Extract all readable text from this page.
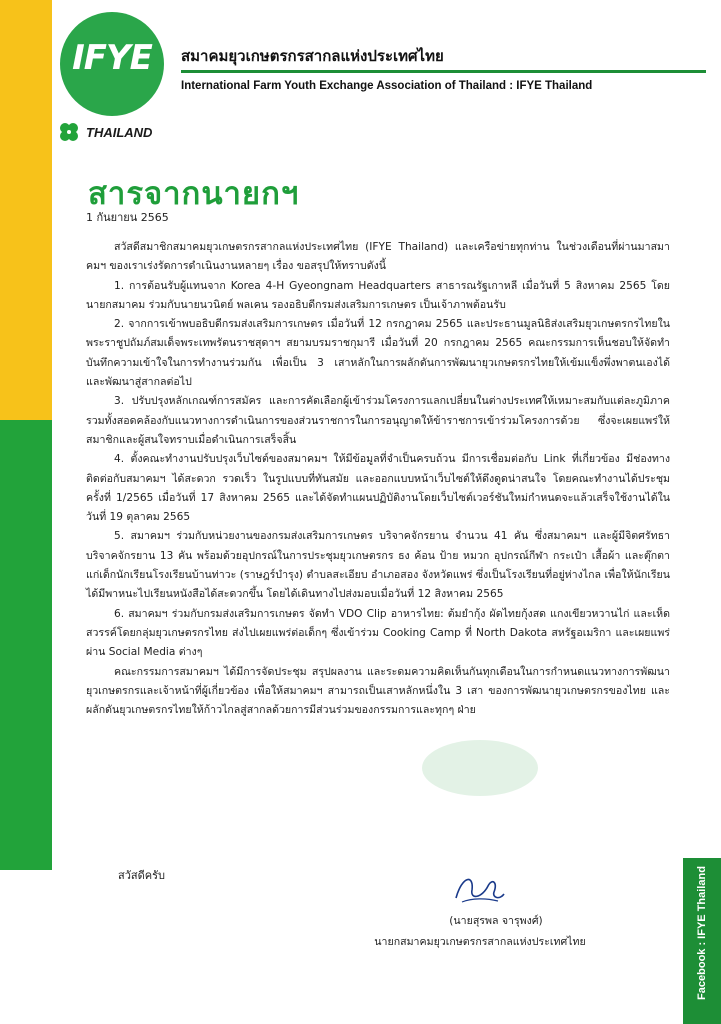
IFYE
THAILAND
สมาคมยุวเกษตรกรสากลแห่งประเทศไทย
International Farm Youth Exchange Association of Thailand : IFYE Thailand
สารจากนายกฯ
1 กันยายน 2565

สวัสดีสมาชิกสมาคมยุวเกษตรกรสากลแห่งประเทศไทย (IFYE Thailand) และเครือข่ายทุกท่าน ในช่วงเดือนที่ผ่านมาสมาคมฯ ของเราเร่งรัดการดำเนินงานหลายๆ เรื่อง ขอสรุปให้ทราบดังนี้

1. การต้อนรับผู้แทนจาก Korea 4-H Gyeongnam Headquarters สาธารณรัฐเกาหลี เมื่อวันที่ 5 สิงหาคม 2565 โดยนายกสมาคม ร่วมกับนายนวนิตย์ พลเคน รองอธิบดีกรมส่งเสริมการเกษตร เป็นเจ้าภาพต้อนรับ

2. จากการเข้าพบอธิบดีกรมส่งเสริมการเกษตร เมื่อวันที่ 12 กรกฎาคม 2565 และประธานมูลนิธิส่งเสริมยุวเกษตรกรไทยในพระราชูปถัมภ์สมเด็จพระเทพรัตนราชสุดาฯ สยามบรมราชกุมารี เมื่อวันที่ 20 กรกฎาคม 2565 คณะกรรมการเห็นชอบให้จัดทำบันทึกความเข้าใจในการทำงานร่วมกัน เพื่อเป็น 3 เสาหลักในการผลักดันการพัฒนายุวเกษตรกรไทยให้เข้มแข็งพึ่งพาตนเองได้ และพัฒนาสู่สากลต่อไป

3. ปรับปรุงหลักเกณฑ์การสมัคร และการคัดเลือกผู้เข้าร่วมโครงการแลกเปลี่ยนในต่างประเทศให้เหมาะสมกับแต่ละภูมิภาค รวมทั้งสอดคล้องกับแนวทางการดำเนินการของส่วนราชการในการอนุญาตให้ข้าราชการเข้าร่วมโครงการด้วย ซึ่งจะเผยแพร่ให้สมาชิกและผู้สนใจทราบเมื่อดำเนินการเสร็จสิ้น

4. ตั้งคณะทำงานปรับปรุงเว็บไซต์ของสมาคมฯ ให้มีข้อมูลที่จำเป็นครบถ้วน มีการเชื่อมต่อกับ Link ที่เกี่ยวข้อง มีช่องทางติดต่อกับสมาคมฯ ได้สะดวก รวดเร็ว ในรูปแบบที่ทันสมัย และออกแบบหน้าเว็บไซต์ให้ดึงดูดน่าสนใจ โดยคณะทำงานได้ประชุมครั้งที่ 1/2565 เมื่อวันที่ 17 สิงหาคม 2565 และได้จัดทำแผนปฏิบัติงานโดยเว็บไซต์เวอร์ชันใหม่กำหนดจะแล้วเสร็จใช้งานได้ในวันที่ 19 ตุลาคม 2565

5. สมาคมฯ ร่วมกับหน่วยงานของกรมส่งเสริมการเกษตร บริจาคจักรยาน จำนวน 41 คัน ซึ่งสมาคมฯ และผู้มีจิตศรัทธาบริจาคจักรยาน 13 คัน พร้อมด้วยอุปกรณ์ในการประชุมยุวเกษตรกร ธง ค้อน ป้าย หมวก อุปกรณ์กีฬา กระเป๋า เสื้อผ้า และตุ๊กตา แก่เด็กนักเรียนโรงเรียนบ้านท่าวะ (ราษฎร์บำรุง) ตำบลสะเอียบ อำเภอสอง จังหวัดแพร่ ซึ่งเป็นโรงเรียนที่อยู่ห่างไกล เพื่อให้นักเรียนได้มีพาหนะไปเรียนหนังสือได้สะดวกขึ้น โดยได้เดินทางไปส่งมอบเมื่อวันที่ 12 สิงหาคม 2565

6. สมาคมฯ ร่วมกับกรมส่งเสริมการเกษตร จัดทำ VDO Clip อาหารไทย: ต้มยำกุ้ง ผัดไทยกุ้งสด แกงเขียวหวานไก่ และเห็ดสวรรค์โดยกลุ่มยุวเกษตรกรไทย ส่งไปเผยแพร่ต่อเด็กๆ ซึ่งเข้าร่วม Cooking Camp ที่ North Dakota สหรัฐอเมริกา และเผยแพร่ผ่าน Social Media ต่างๆ

คณะกรรมการสมาคมฯ ได้มีการจัดประชุม สรุปผลงาน และระดมความคิดเห็นกันทุกเดือนในการกำหนดแนวทางการพัฒนายุวเกษตรกรและเจ้าหน้าที่ผู้เกี่ยวข้อง เพื่อให้สมาคมฯ สามารถเป็นเสาหลักหนึ่งใน 3 เสา ของการพัฒนายุวเกษตรกรของไทย และผลักดันยุวเกษตรกรไทยให้ก้าวไกลสู่สากลด้วยการมีส่วนร่วมของกรรมการและทุกๆ ฝ่าย

สวัสดีครับ
(นายสุรพล จารุพงศ์)
นายกสมาคมยุวเกษตรกรสากลแห่งประเทศไทย	Facebook : IFYE Thailand
